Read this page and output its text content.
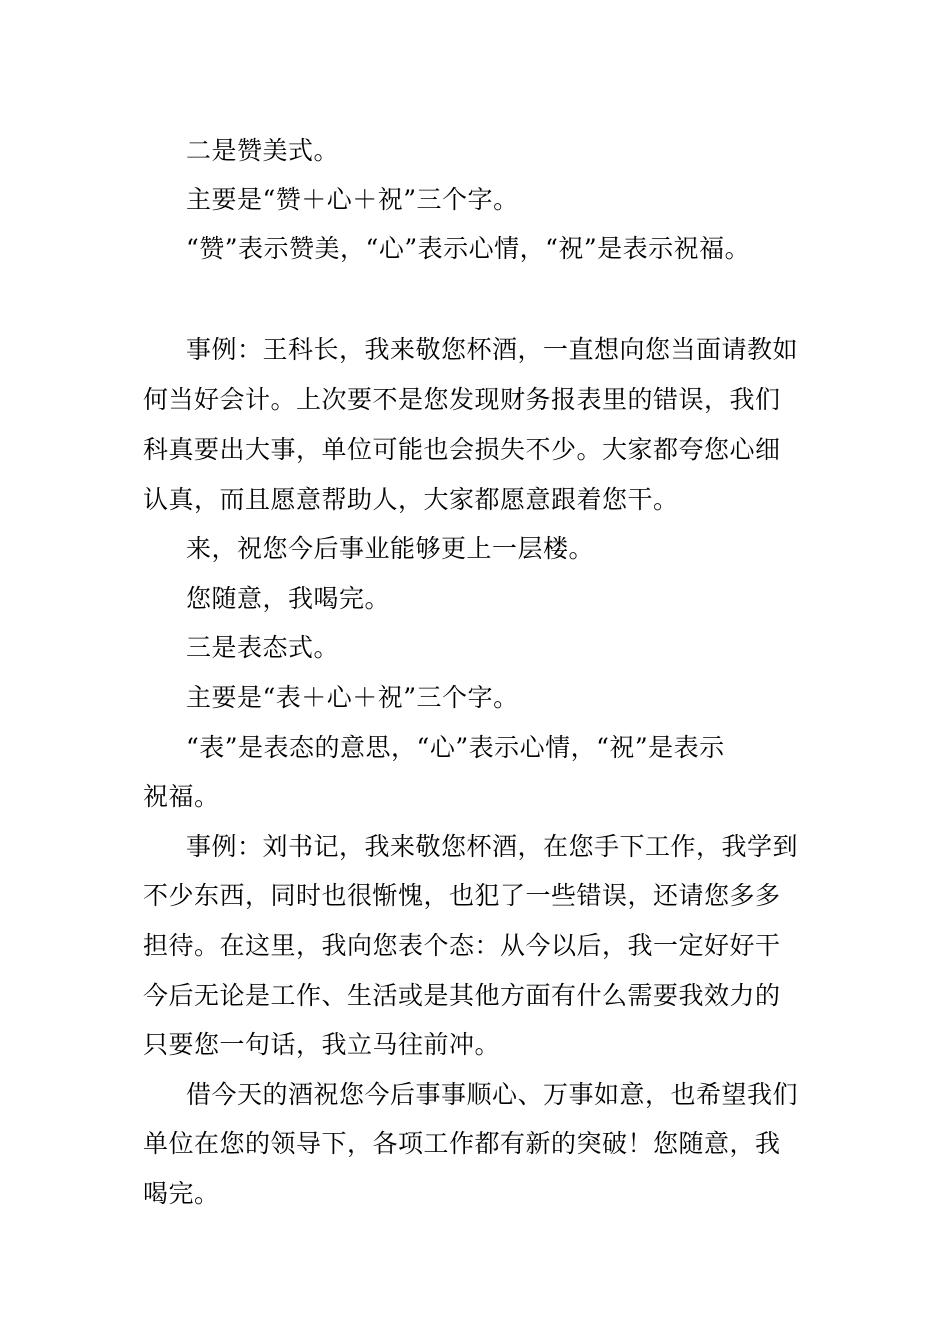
二是赞美式。
主要是“赞＋心＋祝”三个字。
“赞”表示赞美，“心”表示心情，“祝”是表示祝福。
事例：王科长，我来敬您杯酒，一直想向您当面请教如
何当好会计。上次要不是您发现财务报表里的错误，我们
科真要出大事，单位可能也会损失不少。大家都夸您心细
认真，而且愿意帮助人，大家都愿意跟着您干。
来，祝您今后事业能够更上一层楼。
您随意，我喝完。
三是表态式。
主要是“表＋心＋祝”三个字。
“表”是表态的意思，“心”表示心情，“祝”是表示
祝福。
事例：刘书记，我来敬您杯酒，在您手下工作，我学到
不少东西，同时也很惭愧，也犯了一些错误，还请您多多
担待。在这里，我向您表个态：从今以后，我一定好好干
今后无论是工作、生活或是其他方面有什么需要我效力的
只要您一句话，我立马往前冲。
借今天的酒祝您今后事事顺心、万事如意，也希望我们
单位在您的领导下，各项工作都有新的突破！您随意，我
喝完。
